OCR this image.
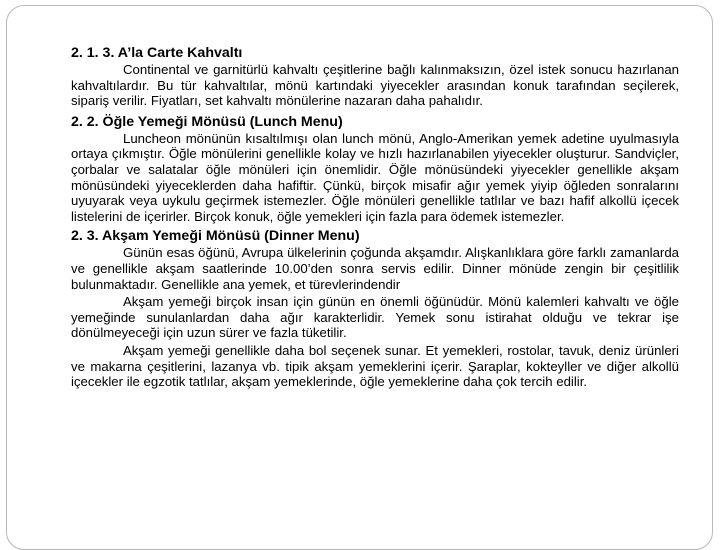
2. 1. 3. A’la Carte Kahvaltı

Continental ve garnitürlü kahvaltı çeşitlerine bağlı kalınmaksızın, özel istek sonucu hazırlanan kahvaltılardır. Bu tür kahvaltılar, mönü kartındaki yiyecekler arasından konuk tarafından seçilerek, sipariş verilir. Fiyatları, set kahvaltı mönülerine nazaran daha pahalıdır.

2. 2. Öğle Yemeği Mönüsü (Lunch Menu)

Luncheon mönünün kısaltılmışı olan lunch mönü, Anglo-Amerikan yemek adetine uyulmasıyla ortaya çıkmıştır. Öğle mönülerini genellikle kolay ve hızlı hazırlanabilen yiyecekler oluşturur. Sandviçler, çorbalar ve salatalar öğle mönüleri için önemlidir. Öğle mönüsündeki yiyecekler genellikle akşam mönüsündeki yiyeceklerden daha hafiftir. Çünkü, birçok misafir ağır yemek yiyip öğleden sonralarını uyuyarak veya uykulu geçirmek istemezler. Öğle mönüleri genellikle tatlılar ve bazı hafif alkollü içecek listelerini de içerirler. Birçok konuk, öğle yemekleri için fazla para ödemek istemezler.

2. 3. Akşam Yemeği Mönüsü (Dinner Menu)

Günün esas öğünü, Avrupa ülkelerinin çoğunda akşamdır. Alışkanlıklara göre farklı zamanlarda ve genellikle akşam saatlerinde 10.00’den sonra servis edilir. Dinner mönüde zengin bir çeşitlilik bulunmaktadır. Genellikle ana yemek, et türevlerindendir

Akşam yemeği birçok insan için günün en önemli öğünüdür. Mönü kalemleri kahvaltı ve öğle yemeğinde sunulanlardan daha ağır karakterlidir. Yemek sonu istirahat olduğu ve tekrar işe dönülmeyeceği için uzun sürer ve fazla tüketilir.

Akşam yemeği genellikle daha bol seçenek sunar. Et yemekleri, rostolar, tavuk, deniz ürünleri ve makarna çeşitlerini, lazanya vb. tipik akşam yemeklerini içerir. Şaraplar, kokteyller ve diğer alkollü içecekler ile egzotik tatlılar, akşam yemeklerinde, öğle yemeklerine daha çok tercih edilir.
